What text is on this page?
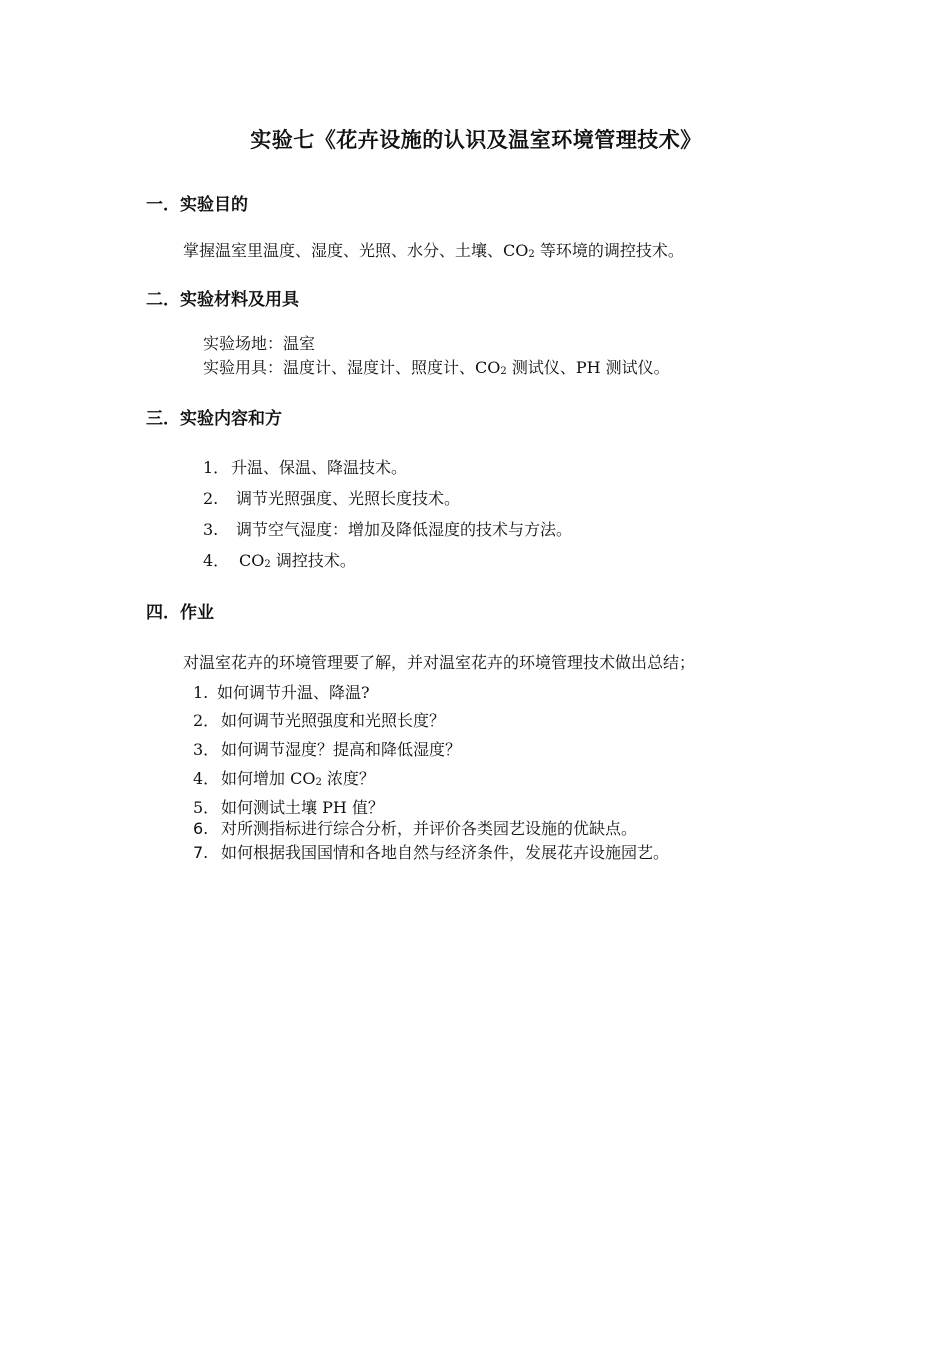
实验七《花卉设施的认识及温室环境管理技术》
一．实验目的
掌握温室里温度、湿度、光照、水分、土壤、CO2 等环境的调控技术。
二．实验材料及用具
实验场地：温室
实验用具：温度计、湿度计、照度计、CO2 测试仪、PH 测试仪。
三．实验内容和方
1． 升温、保温、降温技术。
2. 调节光照强度、光照长度技术。
3. 调节空气湿度：增加及降低湿度的技术与方法。
4． CO2 调控技术。
四．作业
对温室花卉的环境管理要了解，并对温室花卉的环境管理技术做出总结；
1. 如何调节升温、降温?
2． 如何调节光照强度和光照长度？
3． 如何调节湿度？提高和降低湿度？
4． 如何增加 CO2 浓度？
5． 如何测试土壤 PH 值？
6. 对所测指标进行综合分析，并评价各类园艺设施的优缺点。
7. 如何根据我国国情和各地自然与经济条件，发展花卉设施园艺。
